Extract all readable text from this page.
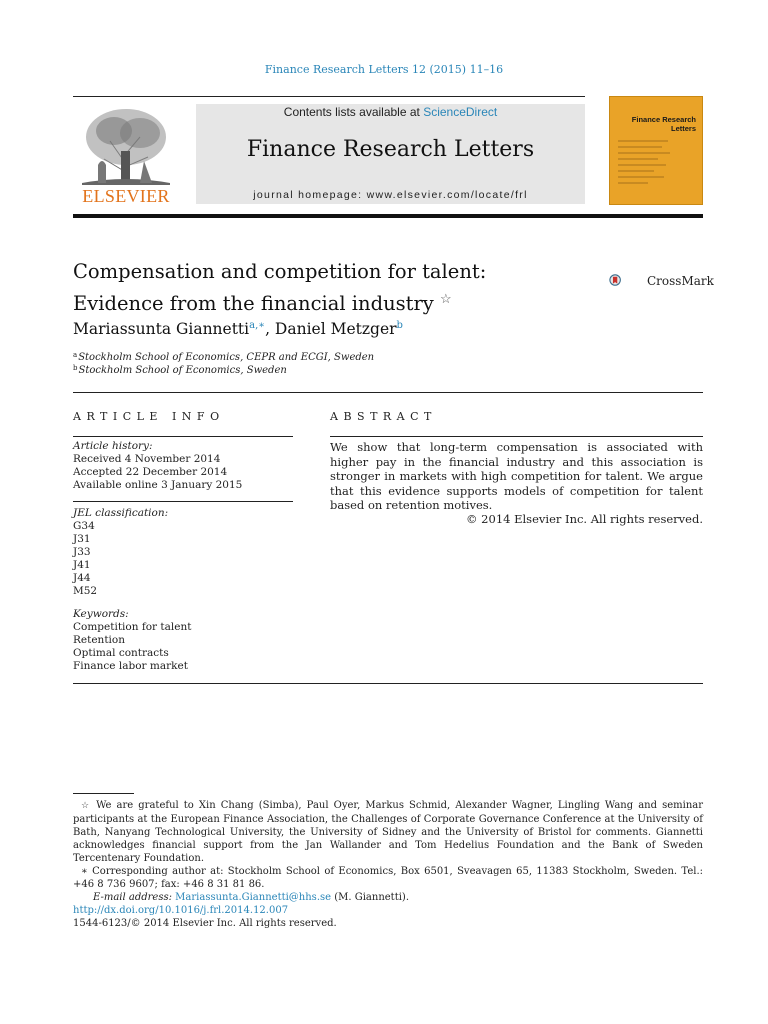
Finance Research Letters 12 (2015) 11–16
ELSEVIER
Contents lists available at ScienceDirect
Finance Research Letters
journal homepage: www.elsevier.com/locate/frl
Finance Research
Letters
Compensation and competition for talent:
Evidence from the financial industry ☆
CrossMark
Mariassunta Giannetti$^{a,∗}$, Daniel Metzger$^b$
$^a$Stockholm School of Economics, CEPR and ECGI, Sweden
$^b$Stockholm School of Economics, Sweden
ARTICLE INFO	ABSTRACT
Article history:
Received 4 November 2014
Accepted 22 December 2014
Available online 3 January 2015
JEL classification:
G34
J31
J33
J41
J44
M52
Keywords:
Competition for talent
Retention
Optimal contracts
Finance labor market
We show that long-term compensation is associated with higher pay in the financial industry and this association is stronger in markets with high competition for talent. We argue that this evidence supports models of competition for talent based on retention motives.
© 2014 Elsevier Inc. All rights reserved.

☆ We are grateful to Xin Chang (Simba), Paul Oyer, Markus Schmid, Alexander Wagner, Lingling Wang and seminar participants at the European Finance Association, the Challenges of Corporate Governance Conference at the University of Bath, Nanyang Technological University, the University of Sidney and the University of Bristol for comments. Giannetti acknowledges financial support from the Jan Wallander and Tom Hedelius Foundation and the Bank of Sweden Tercentenary Foundation.

∗ Corresponding author at: Stockholm School of Economics, Box 6501, Sveavagen 65, 11383 Stockholm, Sweden. Tel.: +46 8 736 9607; fax: +46 8 31 81 86.

E-mail address: Mariassunta.Giannetti@hhs.se (M. Giannetti).

http://dx.doi.org/10.1016/j.frl.2014.12.007
1544-6123/© 2014 Elsevier Inc. All rights reserved.
